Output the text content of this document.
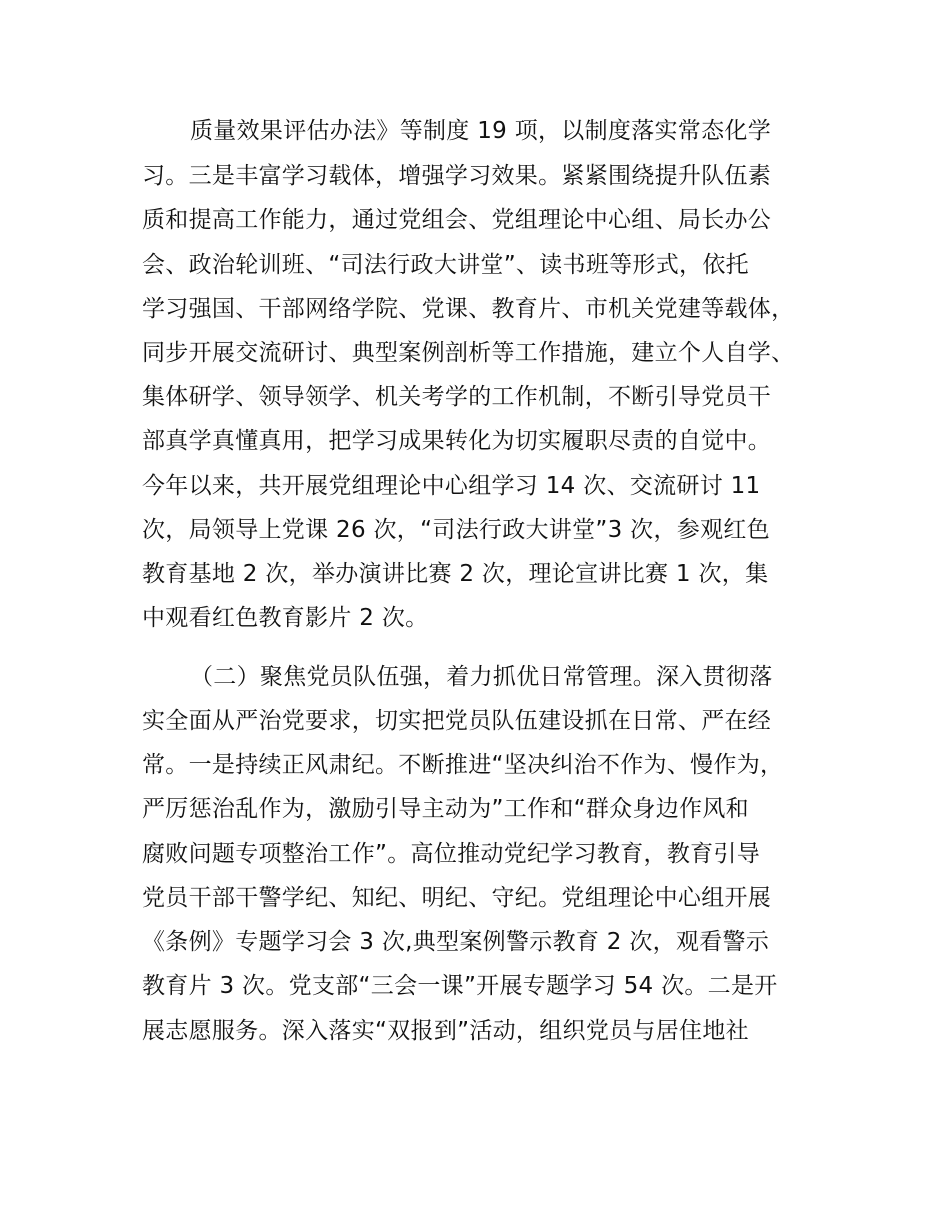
质量效果评估办法》等制度 19 项，以制度落实常态化学
习。三是丰富学习载体，增强学习效果。紧紧围绕提升队伍素
质和提高工作能力，通过党组会、党组理论中心组、局长办公
会、政治轮训班、“司法行政大讲堂”、读书班等形式，依托
学习强国、干部网络学院、党课、教育片、市机关党建等载体，
同步开展交流研讨、典型案例剖析等工作措施，建立个人自学、
集体研学、领导领学、机关考学的工作机制，不断引导党员干
部真学真懂真用，把学习成果转化为切实履职尽责的自觉中。
今年以来，共开展党组理论中心组学习 14 次、交流研讨 11
次，局领导上党课 26 次，“司法行政大讲堂”3 次，参观红色
教育基地 2 次，举办演讲比赛 2 次，理论宣讲比赛 1 次，集
中观看红色教育影片 2 次。
（二）聚焦党员队伍强，着力抓优日常管理。深入贯彻落
实全面从严治党要求，切实把党员队伍建设抓在日常、严在经
常。一是持续正风肃纪。不断推进“坚决纠治不作为、慢作为，
严厉惩治乱作为，激励引导主动为”工作和“群众身边作风和
腐败问题专项整治工作”。高位推动党纪学习教育，教育引导
党员干部干警学纪、知纪、明纪、守纪。党组理论中心组开展
《条例》专题学习会 3 次,典型案例警示教育 2 次，观看警示
教育片 3 次。党支部“三会一课”开展专题学习 54 次。二是开
展志愿服务。深入落实“双报到”活动，组织党员与居住地社
